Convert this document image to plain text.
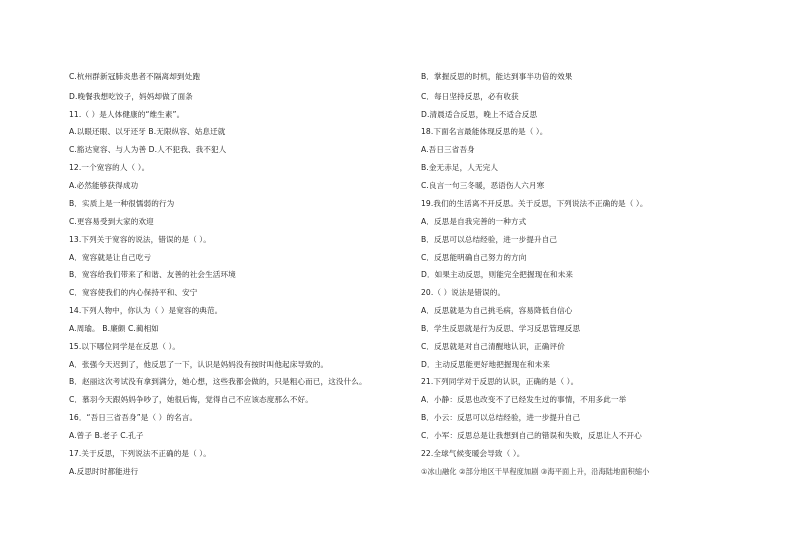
C.杭州群新冠肺炎患者不隔离却到处跑
D.晚餐我想吃饺子，妈妈却做了面条
11.（ ）是人体健康的“维生素”。
A.以眼还眼、以牙还牙 B.无限纵容、姑息迁就
C.豁达宽容、与人为善 D.人不犯我、我不犯人
12.一个宽容的人（ ）。
A.必然能够获得成功
B．实质上是一种很懦弱的行为
C.更容易受到大家的欢迎
13.下列关于宽容的说法，错误的是（ ）。
A．宽容就是让自己吃亏
B．宽容给我们带来了和谐、友善的社会生活环境
C．宽容使我们的内心保持平和、安宁
14.下列人物中，你认为（ ）是宽容的典范。
A.周瑜。 B.廉颇 C.蔺相如
15.以下哪位同学是在反思（ ）。
A．张强今天迟到了，他反思了一下，认识是妈妈没有按时叫他起床导致的。
B．赵丽这次考试没有拿到满分，她心想，这些我都会做的，只是粗心而已，这没什么。
C．慕羽今天跟妈妈争吵了，她很后悔，觉得自己不应该态度那么不好。
16．“吾日三省吾身”是（ ）的名言。
A.曾子 B.老子 C.孔子
17.关于反思，下列说法不正确的是（ ）。
A.反思时时都能进行
B．掌握反思的时机，能达到事半功倍的效果
C．每日坚持反思，必有收获
D.清晨适合反思，晚上不适合反思
18.下面名言最能体现反思的是（ ）。
A.吾日三省吾身
B.金无赤足，人无完人
C.良言一句三冬暖，恶语伤人六月寒
19.我们的生活离不开反思。关于反思，下列说法不正确的是（ ）。
A．反思是自我完善的一种方式
B．反思可以总结经验，进一步提升自己
C．反思能明确自己努力的方向
D．如果主动反思，则能完全把握现在和未来
20.（ ）说法是错误的。
A．反思就是为自己挑毛病，容易降低自信心
B．学生反思就是行为反思、学习反思管理反思
C．反思就是对自己清醒地认识，正确评价
D．主动反思能更好地把握现在和未来
21.下列同学对于反思的认识，正确的是（ ）。
A．小静：反思也改变不了已经发生过的事情，不用多此一举
B．小云：反思可以总结经验，进一步提升自己
C．小军：反思总是让我想到自己的错误和失败，反思让人不开心
22.全球气候变暖会导致（ ）。
①冰山融化 ②部分地区干旱程度加剧 ③海平面上升，沿海陆地面积缩小
